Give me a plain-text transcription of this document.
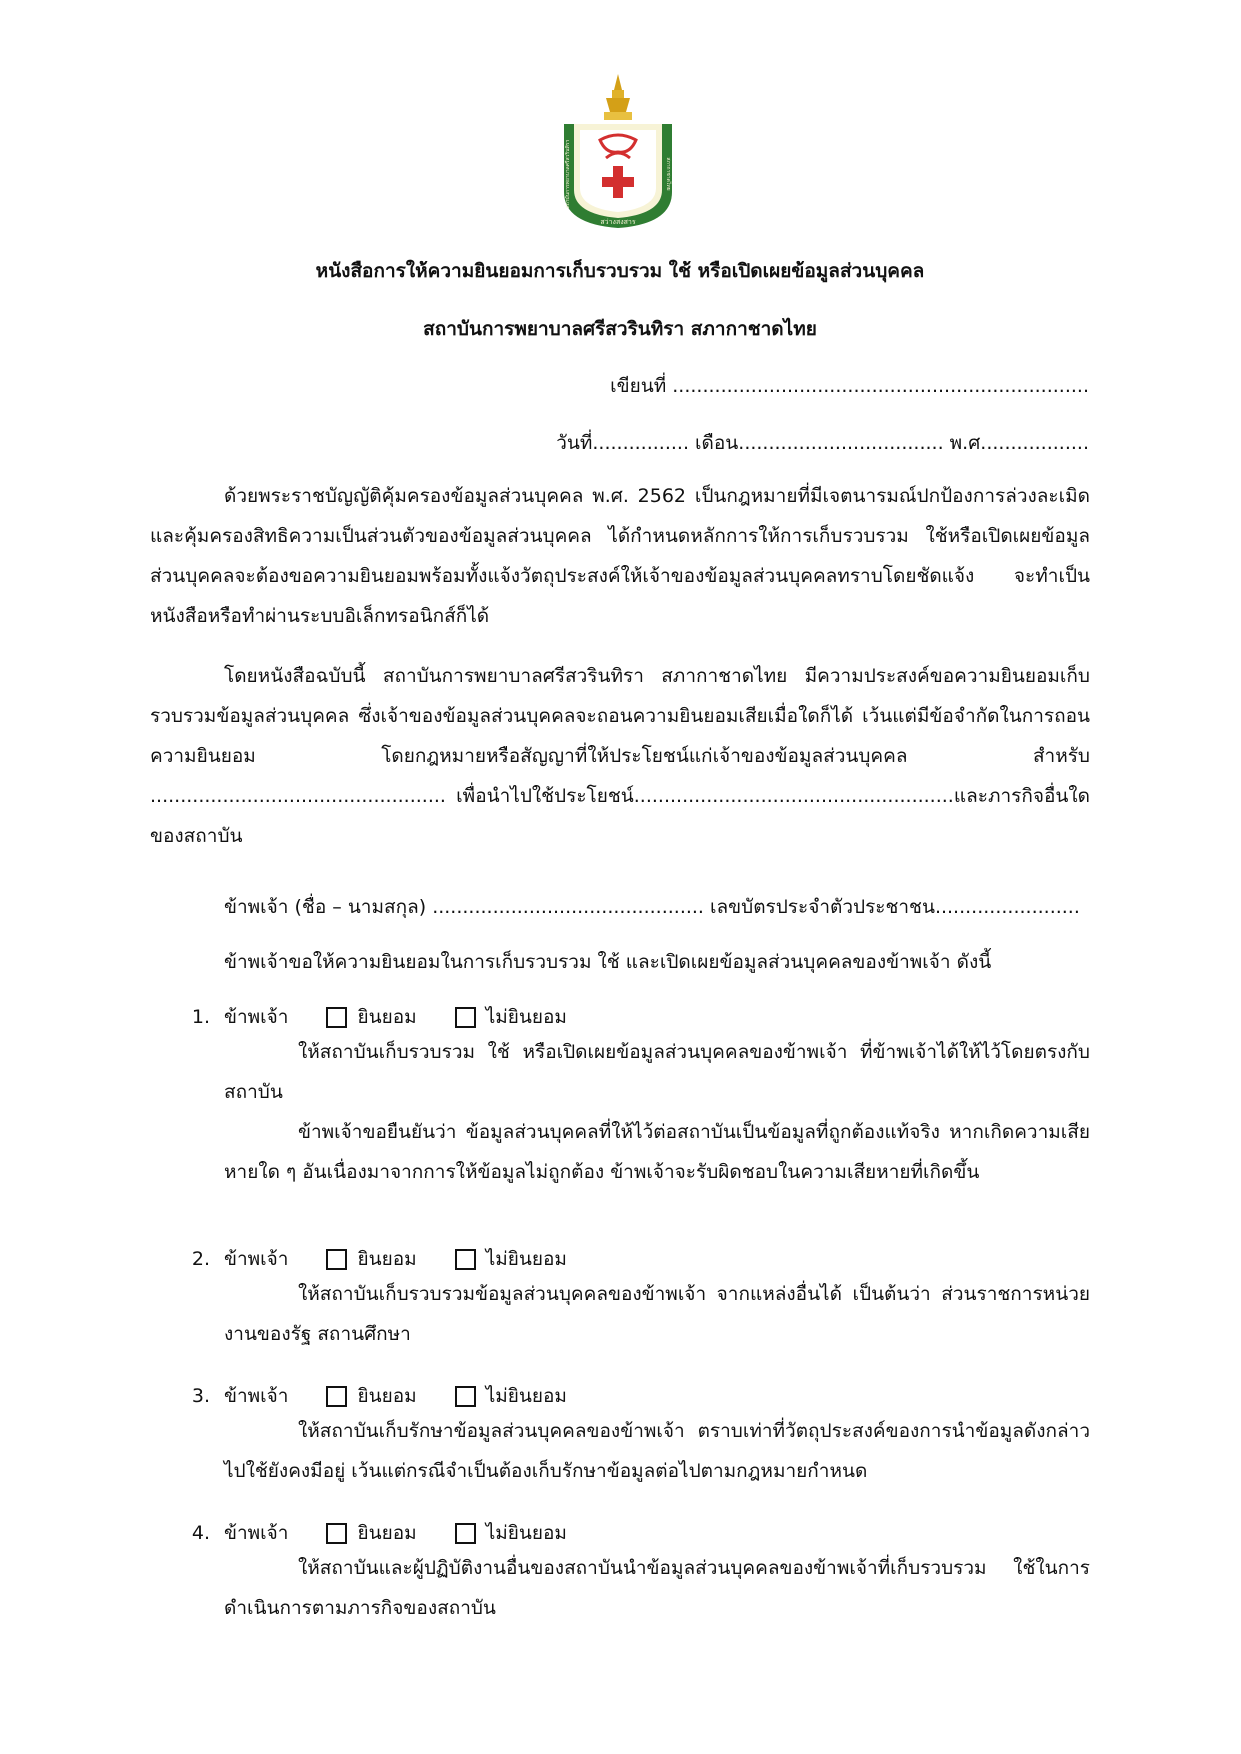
สว่างสงสาร
สถาบันการพยาบาลศรีสวรินทิรา	สภากาชาดไทย
หนังสือการให้ความยินยอมการเก็บรวบรวม ใช้ หรือเปิดเผยข้อมูลส่วนบุคคล
สถาบันการพยาบาลศรีสวรินทิรา สภากาชาดไทย
เขียนที่ .....................................................................
วันที่................ เดือน.................................. พ.ศ..................

ด้วยพระราชบัญญัติคุ้มครองข้อมูลส่วนบุคคล พ.ศ. 2562 เป็นกฎหมายที่มีเจตนารมณ์ปกป้องการล่วงละเมิดและคุ้มครองสิทธิความเป็นส่วนตัวของข้อมูลส่วนบุคคล ได้กำหนดหลักการให้การเก็บรวบรวม ใช้หรือเปิดเผยข้อมูลส่วนบุคคลจะต้องขอความยินยอมพร้อมทั้งแจ้งวัตถุประสงค์ให้เจ้าของข้อมูลส่วนบุคคลทราบโดยชัดแจ้ง จะทำเป็นหนังสือหรือทำผ่านระบบอิเล็กทรอนิกส์ก็ได้

โดยหนังสือฉบับนี้ สถาบันการพยาบาลศรีสวรินทิรา สภากาชาดไทย มีความประสงค์ขอความยินยอมเก็บรวบรวมข้อมูลส่วนบุคคล ซึ่งเจ้าของข้อมูลส่วนบุคคลจะถอนความยินยอมเสียเมื่อใดก็ได้ เว้นแต่มีข้อจำกัดในการถอนความยินยอม โดยกฎหมายหรือสัญญาที่ให้ประโยชน์แก่เจ้าของข้อมูลส่วนบุคคล สำหรับ ................................................. เพื่อนำไปใช้ประโยชน์.....................................................และภารกิจอื่นใดของสถาบัน

ข้าพเจ้า (ชื่อ – นามสกุล) ............................................. เลขบัตรประจำตัวประชาชน........................
ข้าพเจ้าขอให้ความยินยอมในการเก็บรวบรวม ใช้ และเปิดเผยข้อมูลส่วนบุคคลของข้าพเจ้า ดังนี้
1. ข้าพเจ้า	ยินยอม	ไม่ยินยอม

ให้สถาบันเก็บรวบรวม ใช้ หรือเปิดเผยข้อมูลส่วนบุคคลของข้าพเจ้า ที่ข้าพเจ้าได้ให้ไว้โดยตรงกับสถาบัน

ข้าพเจ้าขอยืนยันว่า ข้อมูลส่วนบุคคลที่ให้ไว้ต่อสถาบันเป็นข้อมูลที่ถูกต้องแท้จริง หากเกิดความเสียหายใด ๆ อันเนื่องมาจากการให้ข้อมูลไม่ถูกต้อง ข้าพเจ้าจะรับผิดชอบในความเสียหายที่เกิดขึ้น

2. ข้าพเจ้า	ยินยอม	ไม่ยินยอม

ให้สถาบันเก็บรวบรวมข้อมูลส่วนบุคคลของข้าพเจ้า จากแหล่งอื่นได้ เป็นต้นว่า ส่วนราชการหน่วยงานของรัฐ สถานศึกษา

3. ข้าพเจ้า	ยินยอม	ไม่ยินยอม

ให้สถาบันเก็บรักษาข้อมูลส่วนบุคคลของข้าพเจ้า ตราบเท่าที่วัตถุประสงค์ของการนำข้อมูลดังกล่าวไปใช้ยังคงมีอยู่ เว้นแต่กรณีจำเป็นต้องเก็บรักษาข้อมูลต่อไปตามกฎหมายกำหนด

4. ข้าพเจ้า	ยินยอม	ไม่ยินยอม

ให้สถาบันและผู้ปฏิบัติงานอื่นของสถาบันนำข้อมูลส่วนบุคคลของข้าพเจ้าที่เก็บรวบรวม ใช้ในการดำเนินการตามภารกิจของสถาบัน
